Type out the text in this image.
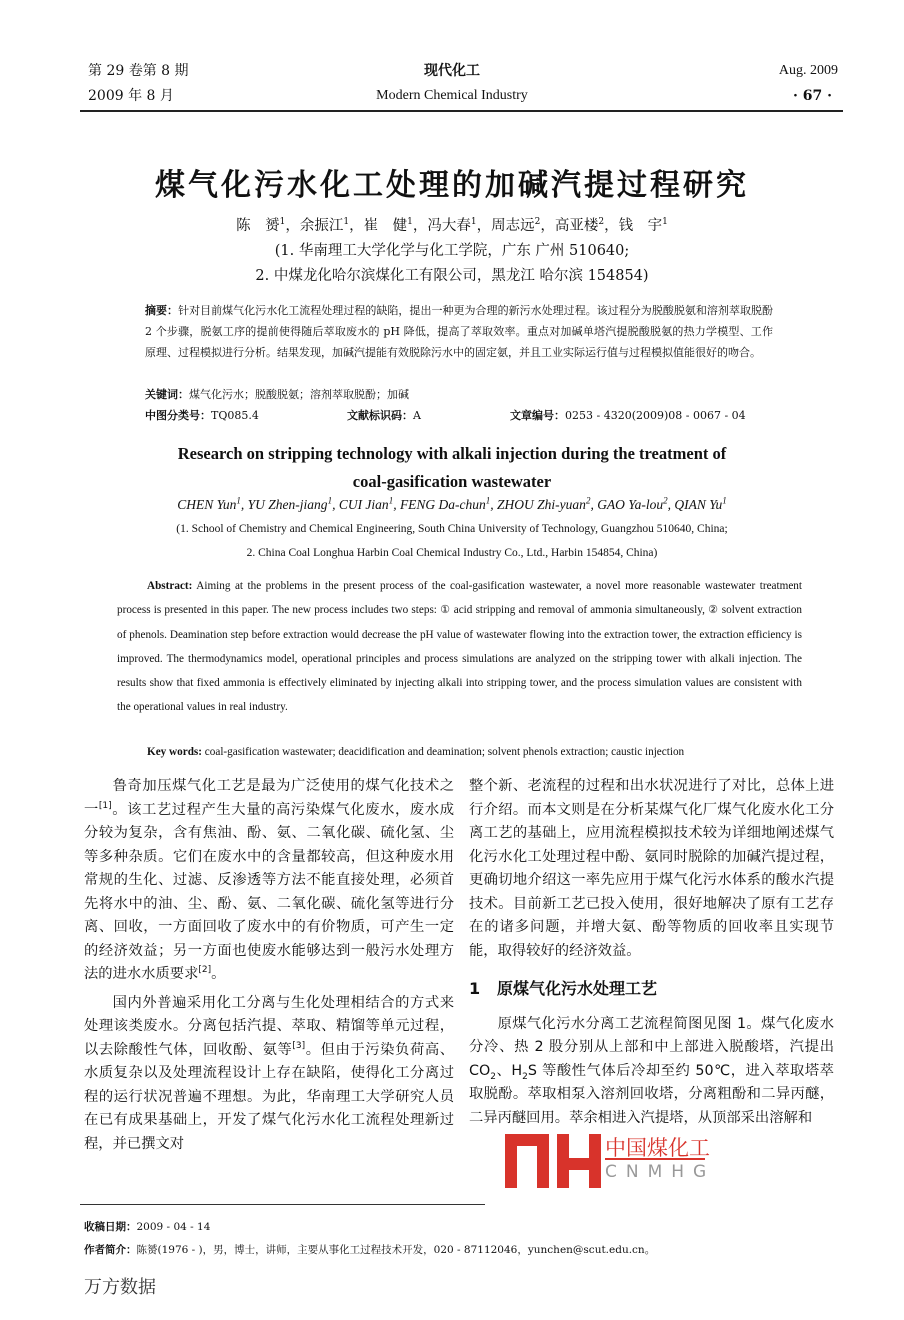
第 29 卷第 8 期
2009 年 8 月
现代化工
Modern Chemical Industry
Aug. 2009
· 67 ·
煤气化污水化工处理的加碱汽提过程研究
陈　赟$^1$，余振江$^1$，崔　健$^1$，冯大春$^1$，周志远$^2$，高亚楼$^2$，钱　宇$^1$
(1. 华南理工大学化学与化工学院，广东 广州 510640;
2. 中煤龙化哈尔滨煤化工有限公司，黑龙江 哈尔滨 154854)
摘要：针对目前煤气化污水化工流程处理过程的缺陷，提出一种更为合理的新污水处理过程。该过程分为脱酸脱氨和溶剂萃取脱酚 2 个步骤，脱氨工序的提前使得随后萃取废水的 pH 降低，提高了萃取效率。重点对加碱单塔汽提脱酸脱氨的热力学模型、工作原理、过程模拟进行分析。结果发现，加碱汽提能有效脱除污水中的固定氨，并且工业实际运行值与过程模拟值能很好的吻合。
关键词：煤气化污水；脱酸脱氨；溶剂萃取脱酚；加碱
中图分类号：TQ085.4	文献标识码：A	文章编号：0253 - 4320(2009)08 - 0067 - 04
Research on stripping technology with alkali injection during the treatment of
coal-gasification wastewater
CHEN Yun$^1$, YU Zhen-jiang$^1$, CUI Jian$^1$, FENG Da-chun$^1$, ZHOU Zhi-yuan$^2$, GAO Ya-lou$^2$, QIAN Yu$^1$
(1. School of Chemistry and Chemical Engineering, South China University of Technology, Guangzhou 510640, China;
2. China Coal Longhua Harbin Coal Chemical Industry Co., Ltd., Harbin 154854, China)
Abstract: Aiming at the problems in the present process of the coal-gasification wastewater, a novel more reasonable wastewater treatment process is presented in this paper. The new process includes two steps: ① acid stripping and removal of ammonia simultaneously, ② solvent extraction of phenols. Deamination step before extraction would decrease the pH value of wastewater flowing into the extraction tower, the extraction efficiency is improved. The thermodynamics model, operational principles and process simulations are analyzed on the stripping tower with alkali injection. The results show that fixed ammonia is effectively eliminated by injecting alkali into stripping tower, and the process simulation values are consistent with the operational values in real industry.
Key words: coal-gasification wastewater; deacidification and deamination; solvent phenols extraction; caustic injection

鲁奇加压煤气化工艺是最为广泛使用的煤气化技术之一[1]。该工艺过程产生大量的高污染煤气化废水，废水成分较为复杂，含有焦油、酚、氨、二氧化碳、硫化氢、尘等多种杂质。它们在废水中的含量都较高，但这种废水用常规的生化、过滤、反渗透等方法不能直接处理，必须首先将水中的油、尘、酚、氨、二氧化碳、硫化氢等进行分离、回收，一方面回收了废水中的有价物质，可产生一定的经济效益；另一方面也使废水能够达到一般污水处理方法的进水水质要求[2]。

国内外普遍采用化工分离与生化处理相结合的方式来处理该类废水。分离包括汽提、萃取、精馏等单元过程，以去除酸性气体，回收酚、氨等[3]。但由于污染负荷高、水质复杂以及处理流程设计上存在缺陷，使得化工分离过程的运行状况普遍不理想。为此，华南理工大学研究人员在已有成果基础上，开发了煤气化污水化工流程处理新过程，并已撰文对

整个新、老流程的过程和出水状况进行了对比，总体上进行介绍。而本文则是在分析某煤气化厂煤气化废水化工分离工艺的基础上，应用流程模拟技术较为详细地阐述煤气化污水化工处理过程中酚、氨同时脱除的加碱汽提过程，更确切地介绍这一率先应用于煤气化污水体系的酸水汽提技术。目前新工艺已投入使用，很好地解决了原有工艺存在的诸多问题，并增大氨、酚等物质的回收率且实现节能，取得较好的经济效益。

1 原煤气化污水处理工艺

原煤气化污水分离工艺流程简图见图 1。煤气化废水分冷、热 2 股分别从上部和中上部进入脱酸塔，汽提出 $CO_2$、$H_2S$ 等酸性气体后冷却至约 50℃，进入萃取塔萃取脱酚。萃取相泵入溶剂回收塔，分离粗酚和二异丙醚，二异丙醚回用。萃余相进入汽提塔，从顶部采出溶解和

中国煤化工
CNMHG
收稿日期：2009 - 04 - 14
作者简介：陈赟(1976 - )，男，博士，讲师，主要从事化工过程技术开发，020 - 87112046，yunchen@scut.edu.cn。
万方数据
